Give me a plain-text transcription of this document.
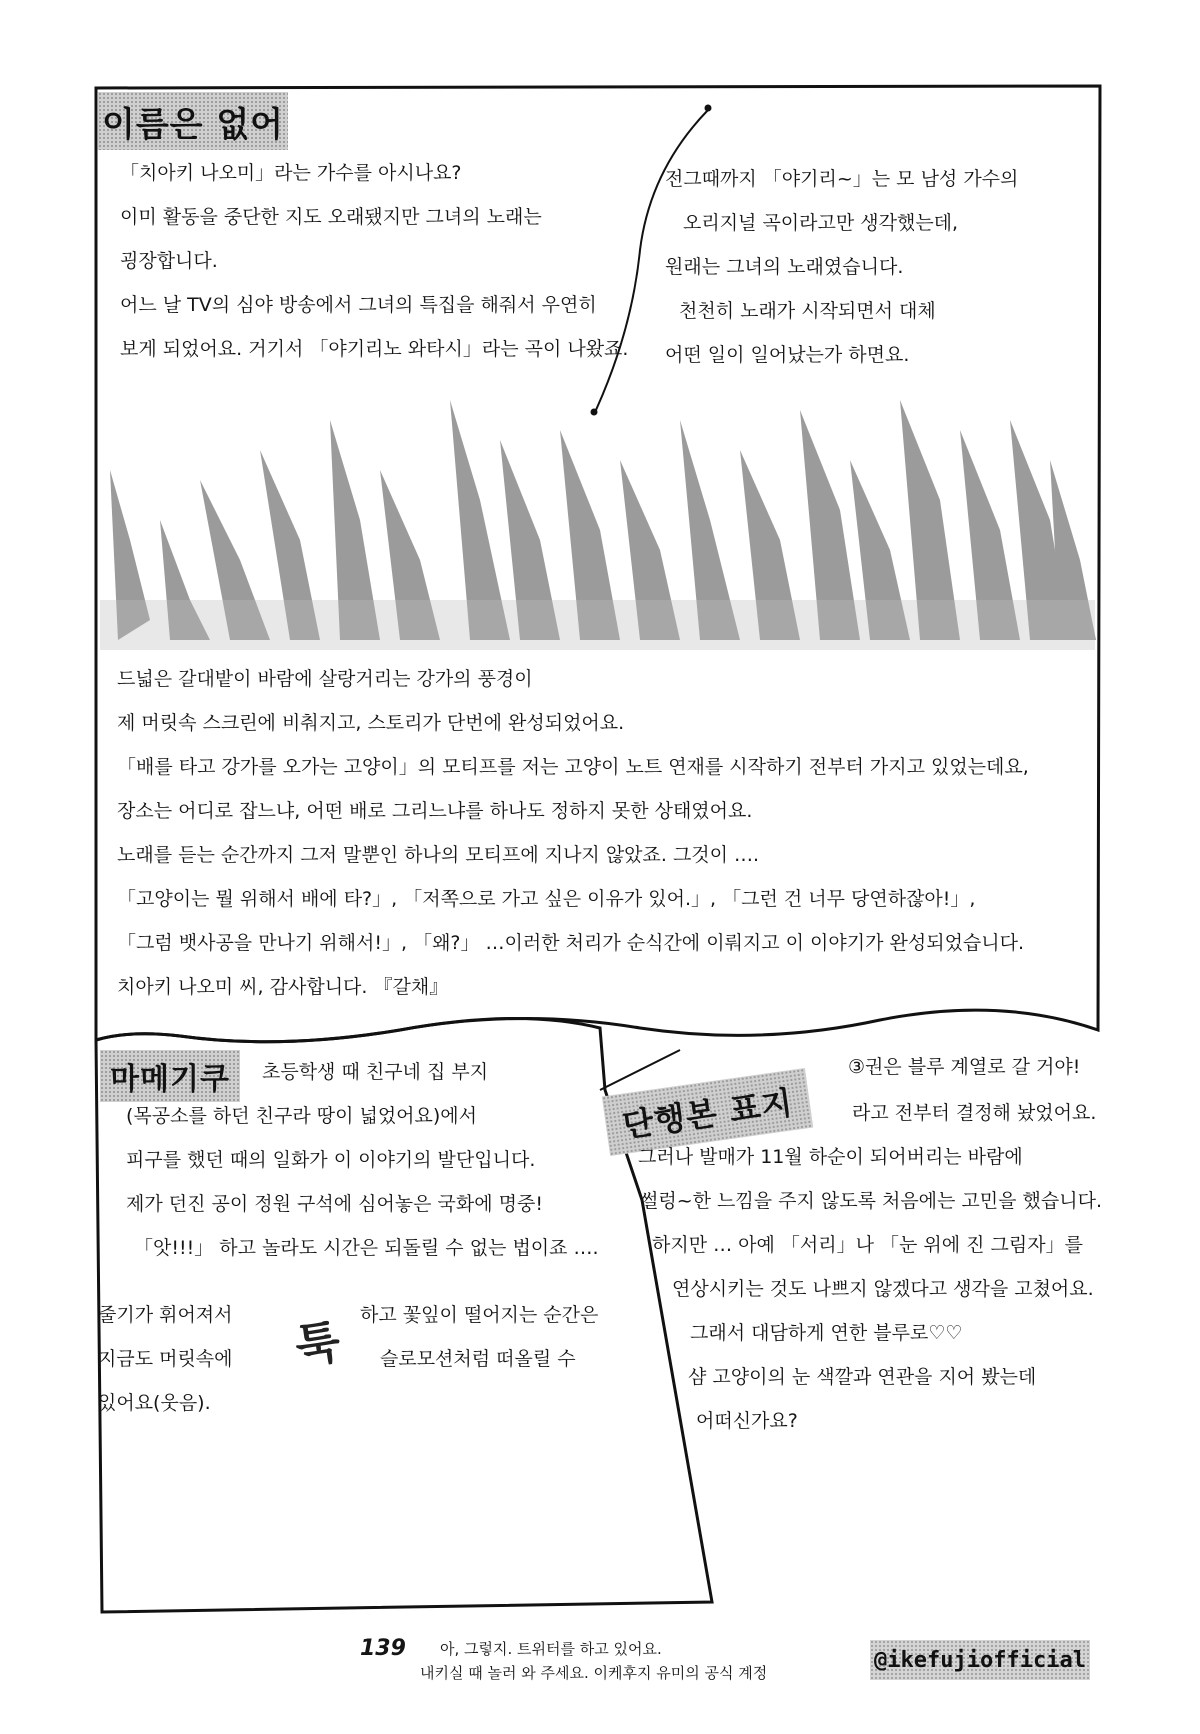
이름은 없어
「치아키 나오미」라는 가수를 아시나요?
이미 활동을 중단한 지도 오래됐지만 그녀의 노래는
굉장합니다.
어느 날 TV의 심야 방송에서 그녀의 특집을 해줘서 우연히
보게 되었어요. 거기서 「야기리노 와타시」라는 곡이 나왔죠.
전그때까지 「야기리~」는 모 남성 가수의
오리지널 곡이라고만 생각했는데,
원래는 그녀의 노래였습니다.
천천히 노래가 시작되면서 대체
어떤 일이 일어났는가 하면요.
드넓은 갈대밭이 바람에 살랑거리는 강가의 풍경이
제 머릿속 스크린에 비춰지고, 스토리가 단번에 완성되었어요.
「배를 타고 강가를 오가는 고양이」의 모티프를 저는 고양이 노트 연재를 시작하기 전부터 가지고 있었는데요,
장소는 어디로 잡느냐, 어떤 배로 그리느냐를 하나도 정하지 못한 상태였어요.
노래를 듣는 순간까지 그저 말뿐인 하나의 모티프에 지나지 않았죠. 그것이 ….
「고양이는 뭘 위해서 배에 타?」, 「저쪽으로 가고 싶은 이유가 있어.」, 「그런 건 너무 당연하잖아!」,
「그럼 뱃사공을 만나기 위해서!」, 「왜?」 …이러한 처리가 순식간에 이뤄지고 이 이야기가 완성되었습니다.
치아키 나오미 씨, 감사합니다. 『갈채』
마메기쿠 초등학생 때 친구네 집 부지
(목공소를 하던 친구라 땅이 넓었어요)에서
피구를 했던 때의 일화가 이 이야기의 발단입니다.
제가 던진 공이 정원 구석에 심어놓은 국화에 명중!
「앗!!!」 하고 놀라도 시간은 되돌릴 수 없는 법이죠 ….
줄기가 휘어져서
지금도 머릿속에
있어요(웃음).
하고 꽃잎이 떨어지는 순간은
슬로모션처럼 떠올릴 수
툭
단행본 표지
③권은 블루 계열로 갈 거야!
라고 전부터 결정해 놨었어요.
그러나 발매가 11월 하순이 되어버리는 바람에
썰렁~한 느낌을 주지 않도록 처음에는 고민을 했습니다.
하지만 … 아예 「서리」나 「눈 위에 진 그림자」를
연상시키는 것도 나쁘지 않겠다고 생각을 고쳤어요.
그래서 대담하게 연한 블루로♡♡
샴 고양이의 눈 색깔과 연관을 지어 봤는데
어떠신가요?
139 아, 그렇지. 트위터를 하고 있어요.
내키실 때 놀러 와 주세요. 이케후지 유미의 공식 계정
@ikefujiofficial
